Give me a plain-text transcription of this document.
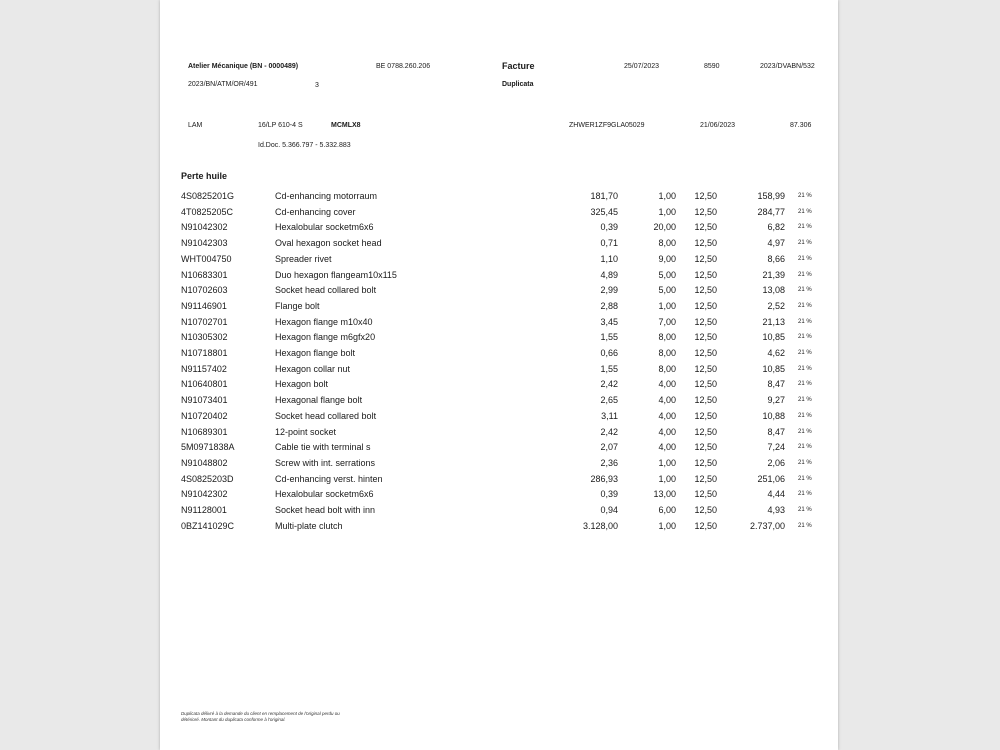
Atelier Mécanique (BN - 0000489)	BE 0788.260.206	Facture	25/07/2023	8590	2023/DVABN/532
2023/BN/ATM/OR/491	3	Duplicata
LAM	16/LP 610-4 S	MCMLX8	ZHWER1ZF9GLA05029	21/06/2023	87.306
Id.Doc. 5.366.797 - 5.332.883
Perte huile
4S0825201G	Cd-enhancing motorraum	181,70	1,00	12,50	158,99 21 %
4T0825205C	Cd-enhancing cover	325,45	1,00	12,50	284,77 21 %
N91042302	Hexalobular socketm6x6	0,39	20,00	12,50	6,82 21 %
N91042303	Oval hexagon socket head	0,71	8,00	12,50	4,97 21 %
WHT004750	Spreader rivet	1,10	9,00	12,50	8,66 21 %
N10683301	Duo hexagon flangeam10x115	4,89	5,00	12,50	21,39 21 %
N10702603	Socket head collared bolt	2,99	5,00	12,50	13,08 21 %
N91146901	Flange bolt	2,88	1,00	12,50	2,52 21 %
N10702701	Hexagon flange m10x40	3,45	7,00	12,50	21,13 21 %
N10305302	Hexagon flange m6gfx20	1,55	8,00	12,50	10,85 21 %
N10718801	Hexagon flange bolt	0,66	8,00	12,50	4,62 21 %
N91157402	Hexagon collar nut	1,55	8,00	12,50	10,85 21 %
N10640801	Hexagon bolt	2,42	4,00	12,50	8,47 21 %
N91073401	Hexagonal flange bolt	2,65	4,00	12,50	9,27 21 %
N10720402	Socket head collared bolt	3,11	4,00	12,50	10,88 21 %
N10689301	12-point socket	2,42	4,00	12,50	8,47 21 %
5M0971838A	Cable tie with terminal s	2,07	4,00	12,50	7,24 21 %
N91048802	Screw with int. serrations	2,36	1,00	12,50	2,06 21 %
4S0825203D	Cd-enhancing verst. hinten	286,93	1,00	12,50	251,06 21 %
N91042302	Hexalobular socketm6x6	0,39	13,00	12,50	4,44 21 %
N91128001	Socket head bolt with inn	0,94	6,00	12,50	4,93 21 %
0BZ141029C	Multi-plate clutch	3.128,00	1,00	12,50	2.737,00 21 %
Duplicata délivré à la demande du client en remplacement de l'original perdu ou
détérioré. Montant du duplicata conforme à l'original.
